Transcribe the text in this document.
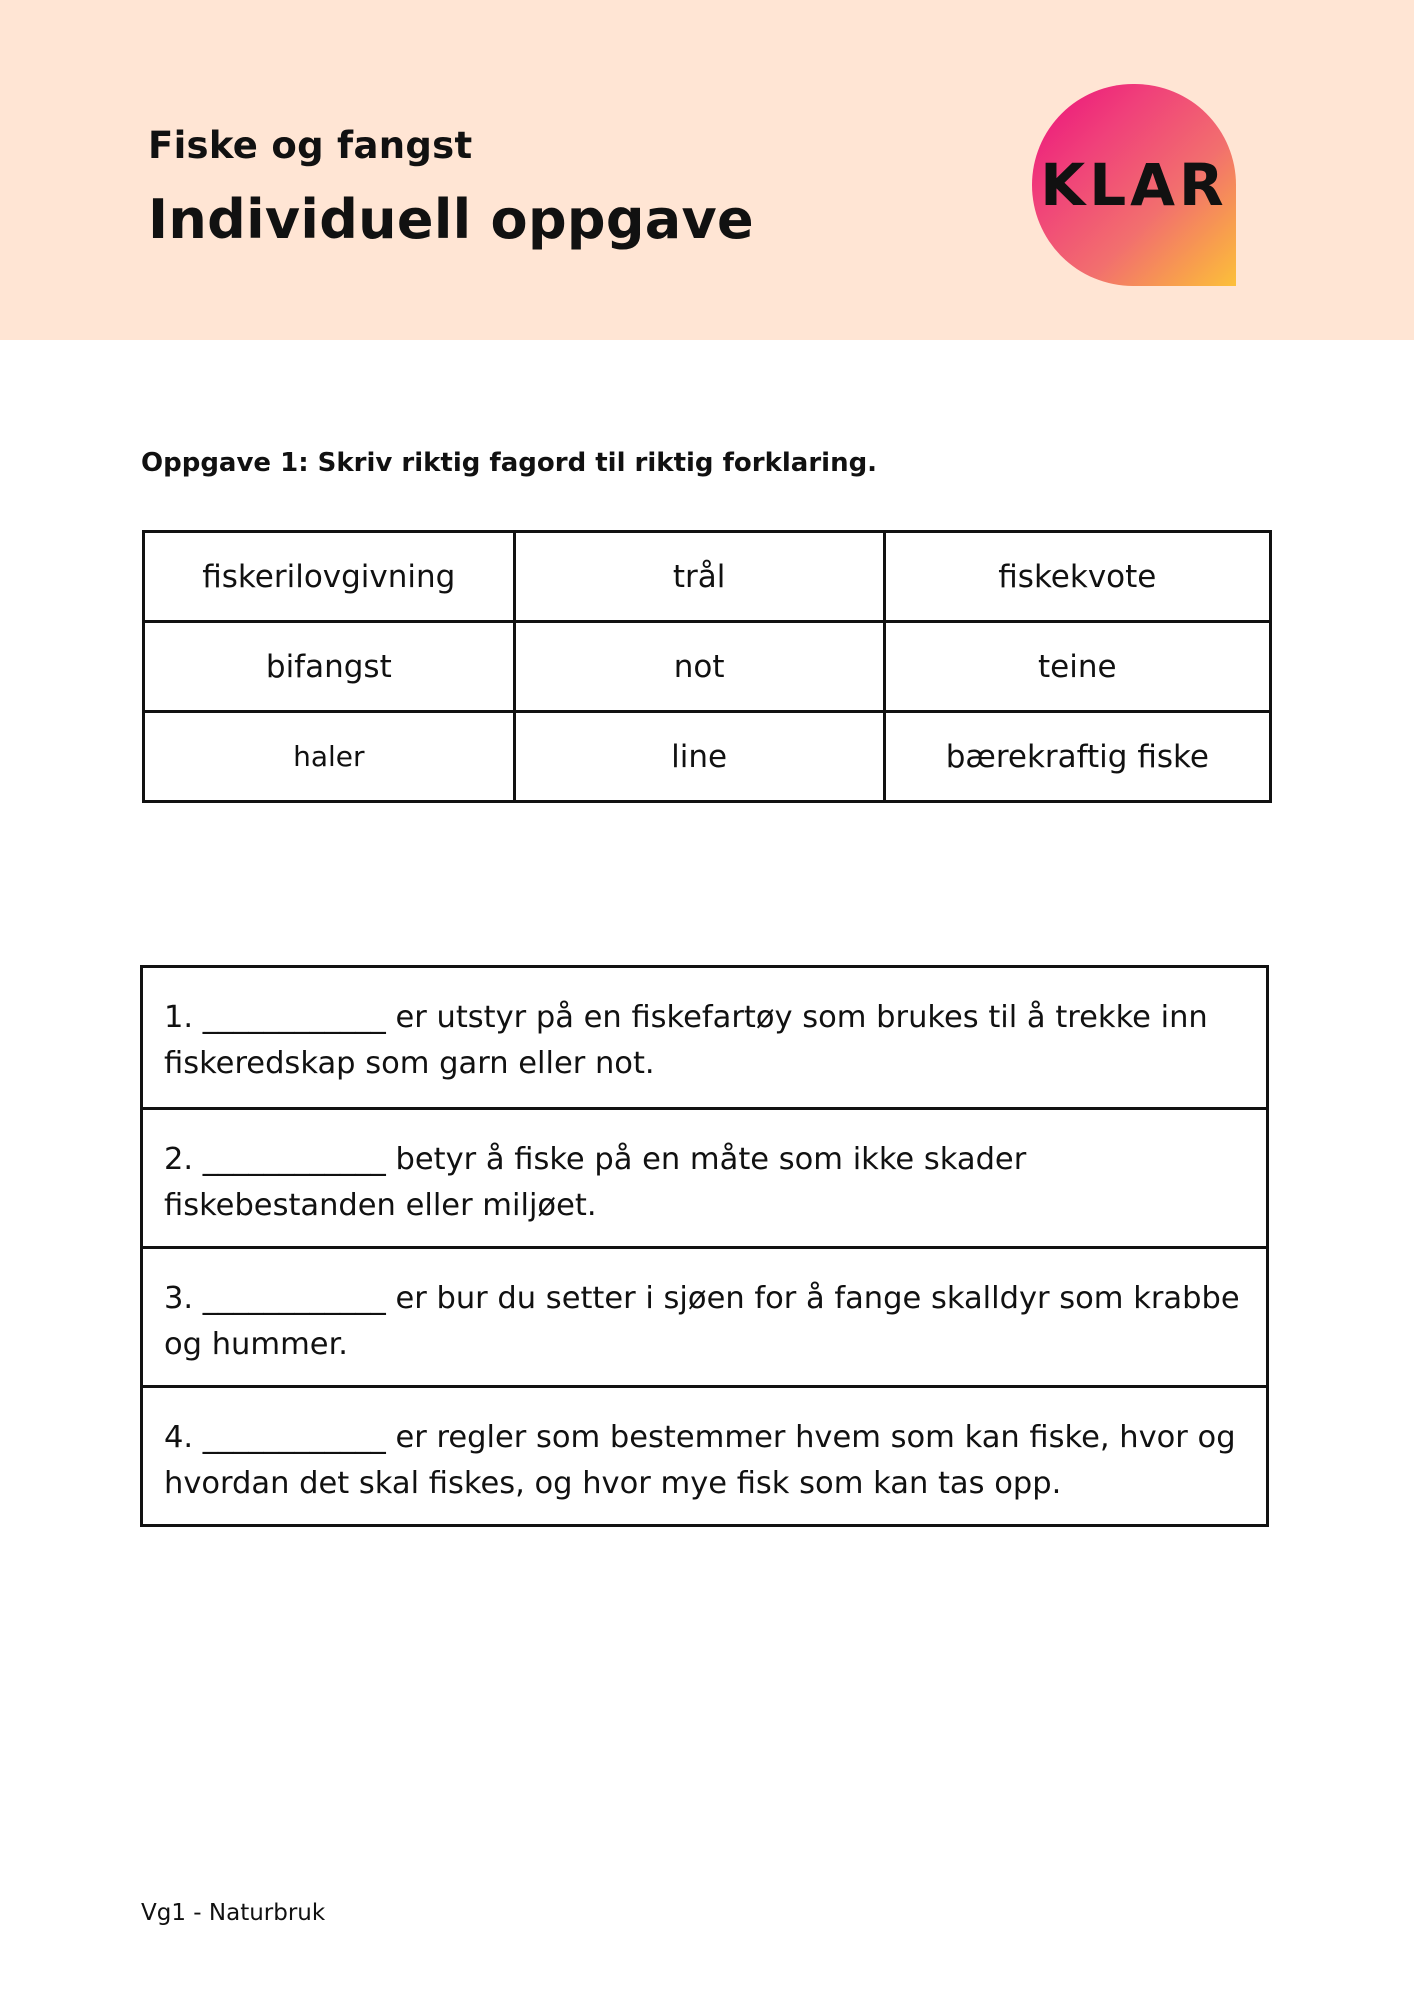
Fiske og fangst
Individuell oppgave
KLAR
Oppgave 1: Skriv riktig fagord til riktig forklaring.
fiskerilovgivning	trål	fiskekvote
bifangst	not	teine
haler	line	bærekraftig fiske
1. ____________ er utstyr på en fiskefartøy som brukes til å trekke inn fiskeredskap som garn eller not.
2. ____________ betyr å fiske på en måte som ikke skader fiskebestanden eller miljøet.
3. ____________ er bur du setter i sjøen for å fange skalldyr som krabbe og hummer.
4. ____________ er regler som bestemmer hvem som kan fiske, hvor og hvordan det skal fiskes, og hvor mye fisk som kan tas opp.
Vg1 - Naturbruk
